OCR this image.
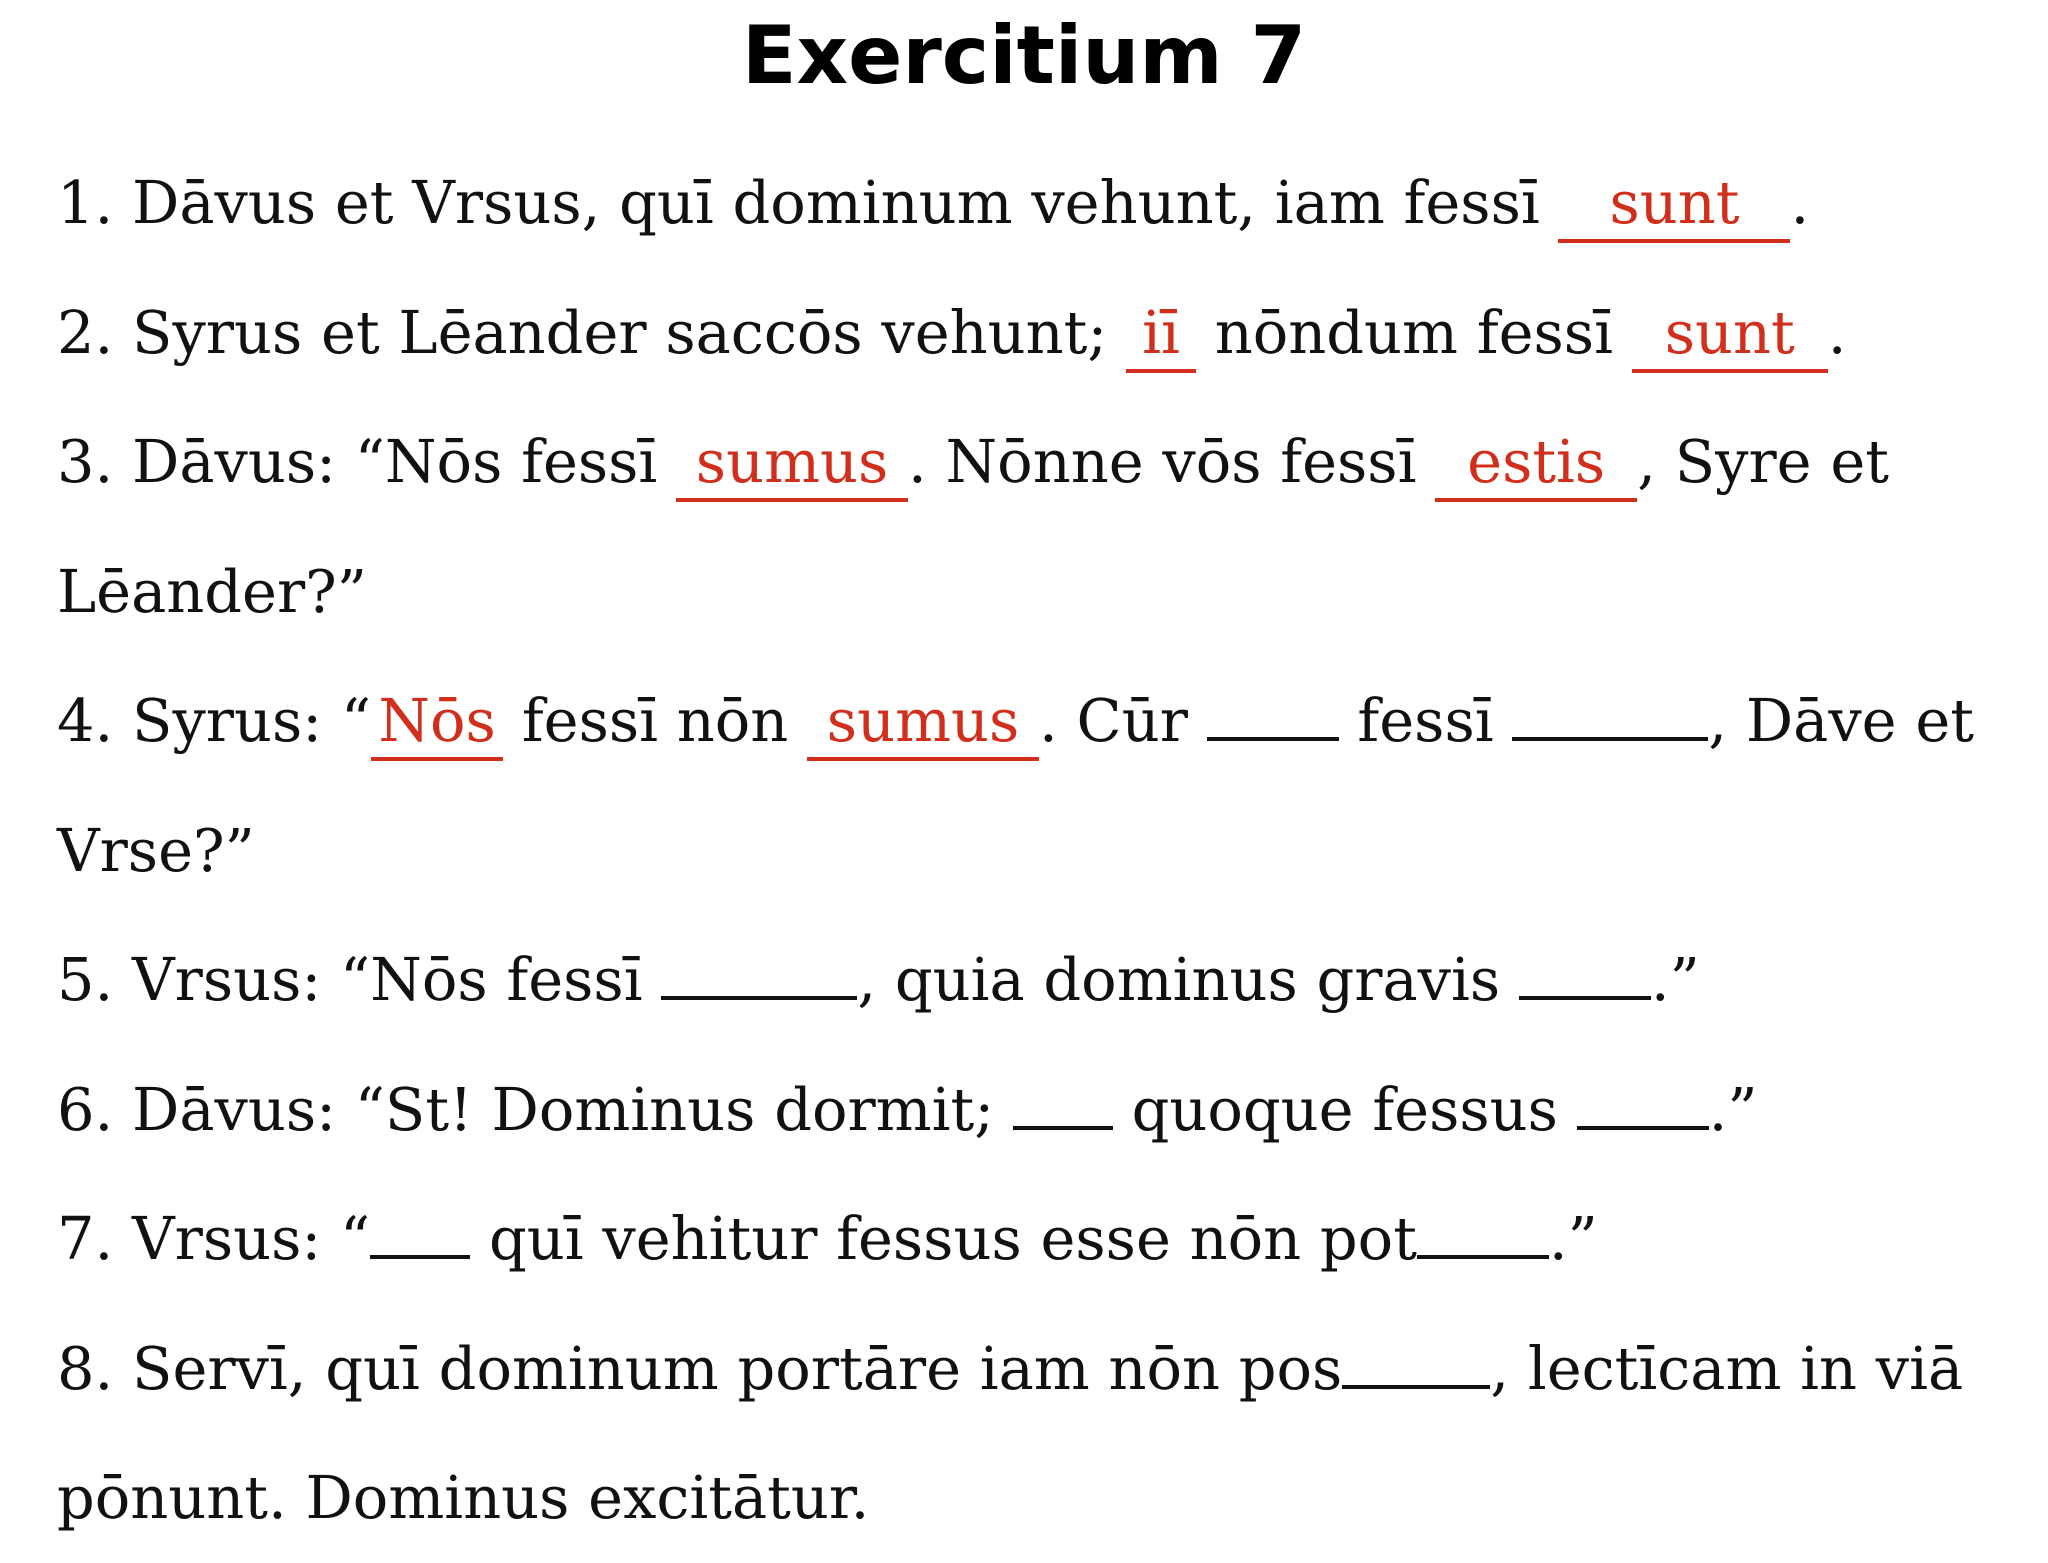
Exercitium 7
1. Dāvus et Vrsus, quī dominum vehunt, iam fessī sunt .
2. Syrus et Lēander saccōs vehunt; iī nōndum fessī sunt .
3. Dāvus: “Nōs fessī sumus . Nōnne vōs fessī estis , Syre et
Lēander?”
4. Syrus: “ Nōs fessī nōn sumus . Cūr  fessī	, Dāve et
Vrse?”
5. Vrsus: “Nōs fessī	, quia dominus gravis .”
6. Dāvus: “St! Dominus dormit;  quoque fessus .”
7. Vrsus: “ quī vehitur fessus esse nōn pot .”
8. Servī, quī dominum portāre iam nōn pos	, lectīcam in viā
pōnunt. Dominus excitātur.
